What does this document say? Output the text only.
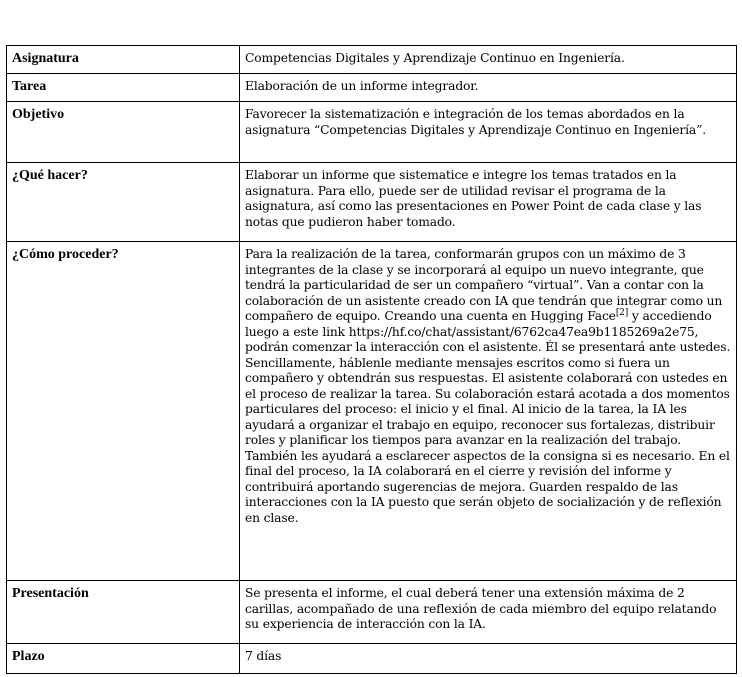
Asignatura	Competencias Digitales y Aprendizaje Continuo en Ingeniería.
Tarea	Elaboración de un informe integrador.
Objetivo	Favorecer la sistematización e integración de los temas abordados en la asignatura “Competencias Digitales y Aprendizaje Continuo en Ingeniería”.
¿Qué hacer?	Elaborar un informe que sistematice e integre los temas tratados en la asignatura. Para ello, puede ser de utilidad revisar el programa de la asignatura, así como las presentaciones en Power Point de cada clase y las notas que pudieron haber tomado.
¿Cómo proceder?	Para la realización de la tarea, conformarán grupos con un máximo de 3 integrantes de la clase y se incorporará al equipo un nuevo integrante, que tendrá la particularidad de ser un compañero “virtual”. Van a contar con la colaboración de un asistente creado con IA que tendrán que integrar como un compañero de equipo. Creando una cuenta en Hugging Face[2] y accediendo luego a este link https://hf.co/chat/assistant/6762ca47ea9b1185269a2e75, podrán comenzar la interacción con el asistente. Él se presentará ante ustedes. Sencillamente, háblenle mediante mensajes escritos como si fuera un compañero y obtendrán sus respuestas. El asistente colaborará con ustedes en el proceso de realizar la tarea. Su colaboración estará acotada a dos momentos particulares del proceso: el inicio y el final. Al inicio de la tarea, la IA les ayudará a organizar el trabajo en equipo, reconocer sus fortalezas, distribuir roles y planificar los tiempos para avanzar en la realización del trabajo. También les ayudará a esclarecer aspectos de la consigna si es necesario. En el final del proceso, la IA colaborará en el cierre y revisión del informe y contribuirá aportando sugerencias de mejora. Guarden respaldo de las interacciones con la IA puesto que serán objeto de socialización y de reflexión en clase.
Presentación	Se presenta el informe, el cual deberá tener una extensión máxima de 2 carillas, acompañado de una reflexión de cada miembro del equipo relatando su experiencia de interacción con la IA.
Plazo	7 días
